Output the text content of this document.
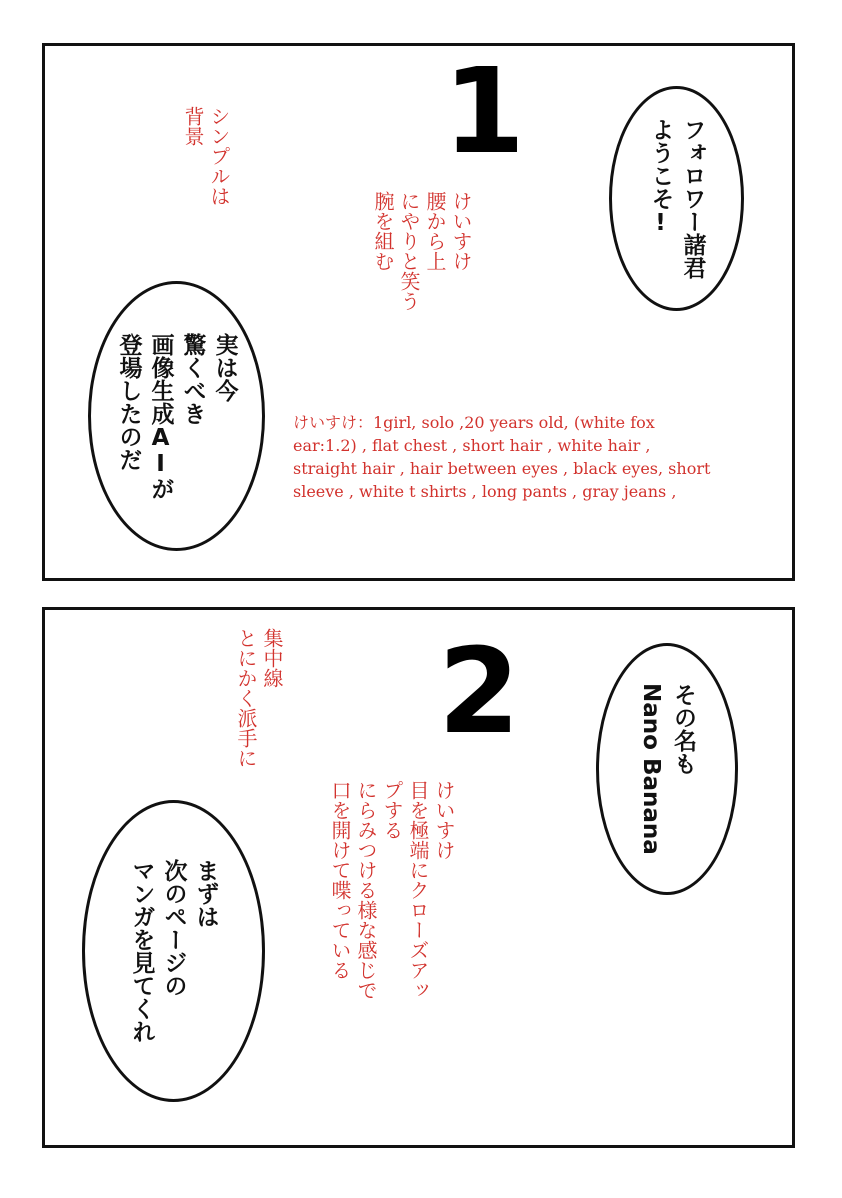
1
フォロワー諸君
ようこそ!
シンプルは
背景
けいすけ
腰から上
にやりと笑う
腕を組む
実は今
驚くべき
画像生成AIが
登場したのだ	けいすけ：1girl, solo ,20 years old, (white fox ear:1.2) , flat chest , short hair , white hair , straight hair , hair between eyes , black eyes, short sleeve , white t shirts , long pants , gray jeans ,
2	その名も
Nano Banana
集中線
とにかく派手に
けいすけ
目を極端にクローズアッ
プする
にらみつける様な感じで
口を開けて喋っている
まずは
次のページの
マンガを見てくれ
